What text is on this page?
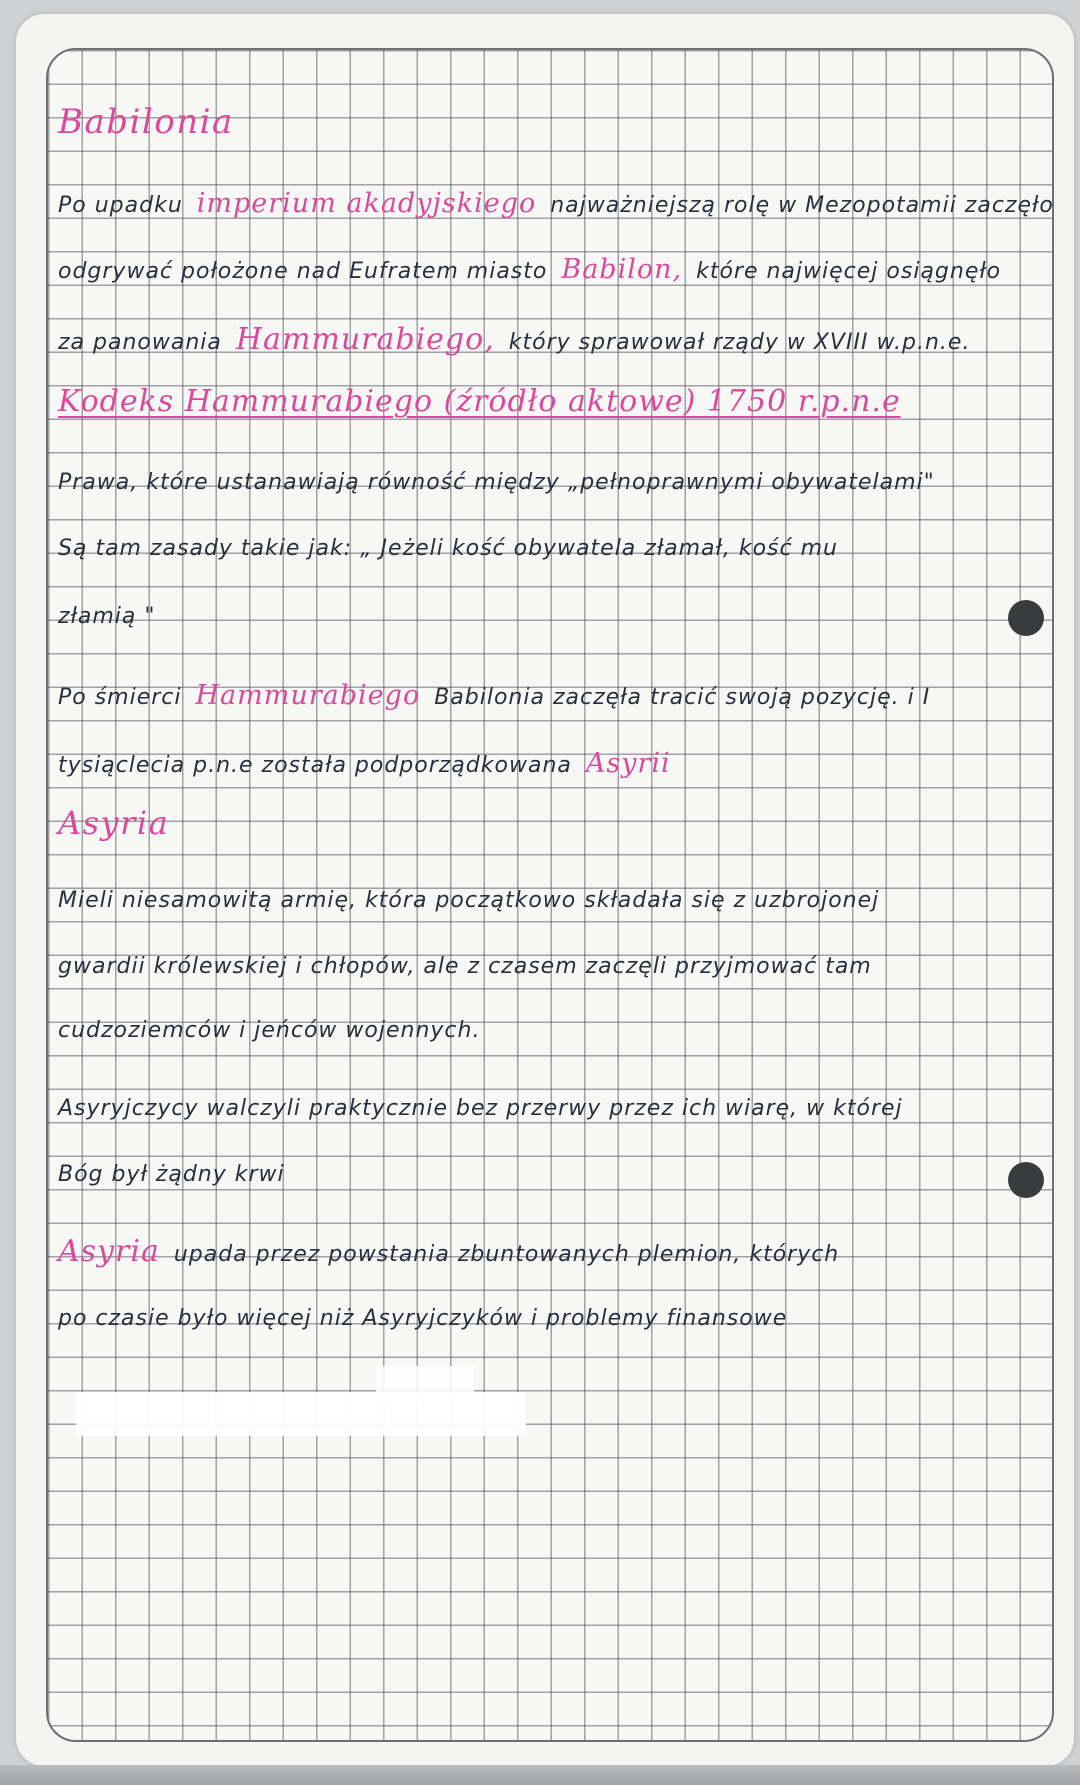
Babilonia
Po upadku imperium akadyjskiego najważniejszą rolę w Mezopotamii zaczęło
odgrywać położone nad Eufratem miasto Babilon, które najwięcej osiągnęło
za panowania Hammurabiego, który sprawował rządy w XVIII w.p.n.e.
Kodeks Hammurabiego (źródło aktowe) 1750 r.p.n.e
Prawa, które ustanawiają równość między „pełnoprawnymi obywatelami"
Są tam zasady takie jak: „ Jeżeli kość obywatela złamał, kość mu
złamią "
Po śmierci Hammurabiego Babilonia zaczęła tracić swoją pozycję. i I
tysiąclecia p.n.e została podporządkowana Asyrii
Asyria
Mieli niesamowitą armię, która początkowo składała się z uzbrojonej
gwardii królewskiej i chłopów, ale z czasem zaczęli przyjmować tam
cudzoziemców i jeńców wojennych.
Asyryjczycy walczyli praktycznie bez przerwy przez ich wiarę, w której
Bóg był żądny krwi
Asyria upada przez powstania zbuntowanych plemion, których
po czasie było więcej niż Asyryjczyków i problemy finansowe
